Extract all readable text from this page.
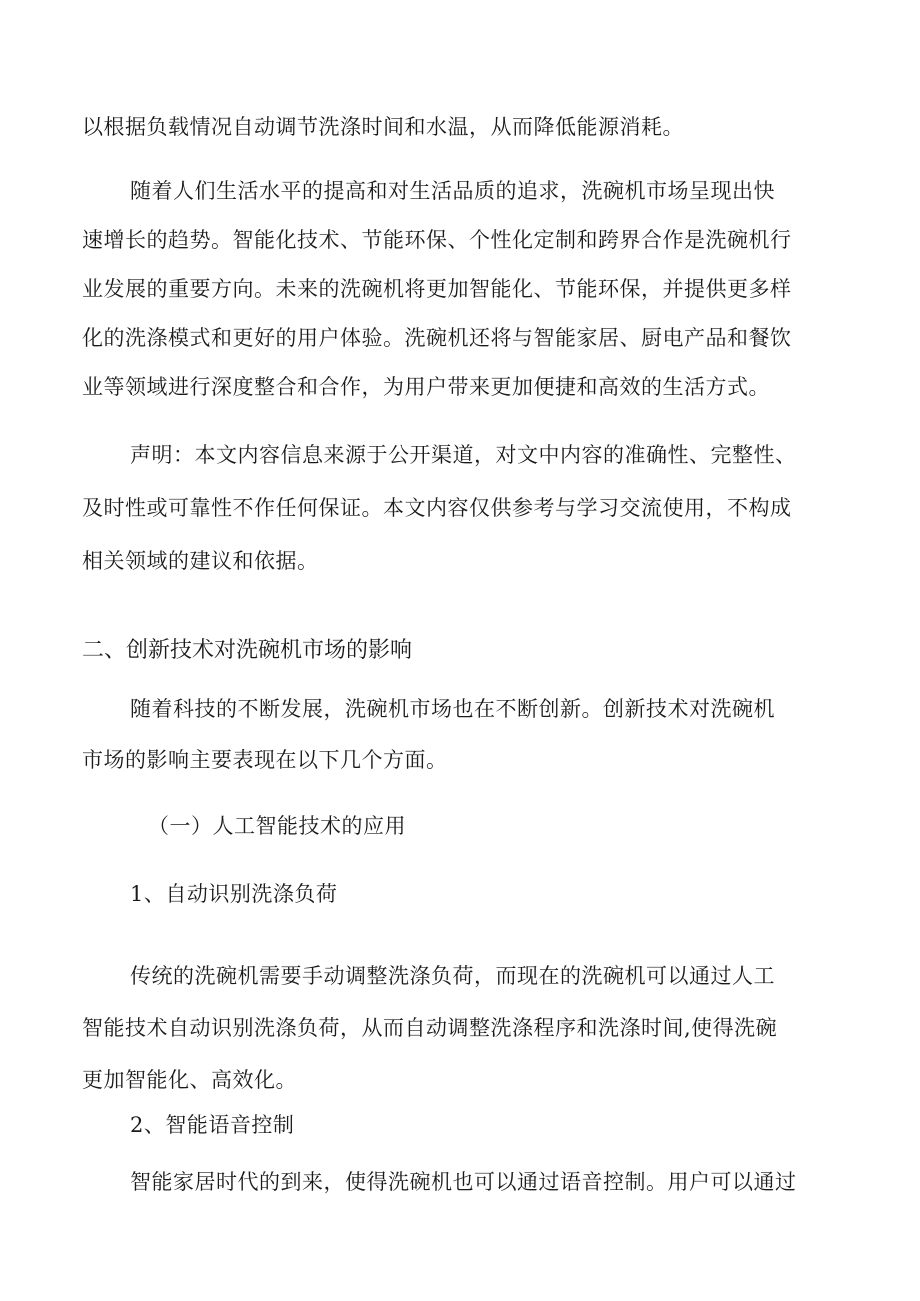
以根据负载情况自动调节洗涤时间和水温，从而降低能源消耗。

随着人们生活水平的提高和对生活品质的追求，洗碗机市场呈现出快

速增长的趋势。智能化技术、节能环保、个性化定制和跨界合作是洗碗机行

业发展的重要方向。未来的洗碗机将更加智能化、节能环保，并提供更多样

化的洗涤模式和更好的用户体验。洗碗机还将与智能家居、厨电产品和餐饮

业等领域进行深度整合和合作，为用户带来更加便捷和高效的生活方式。

声明：本文内容信息来源于公开渠道，对文中内容的准确性、完整性、

及时性或可靠性不作任何保证。本文内容仅供参考与学习交流使用，不构成

相关领域的建议和依据。

二、创新技术对洗碗机市场的影响

随着科技的不断发展，洗碗机市场也在不断创新。创新技术对洗碗机

市场的影响主要表现在以下几个方面。

（一）人工智能技术的应用
1、自动识别洗涤负荷

传统的洗碗机需要手动调整洗涤负荷，而现在的洗碗机可以通过人工

智能技术自动识别洗涤负荷，从而自动调整洗涤程序和洗涤时间,使得洗碗

更加智能化、高效化。

2、智能语音控制

智能家居时代的到来，使得洗碗机也可以通过语音控制。用户可以通过
